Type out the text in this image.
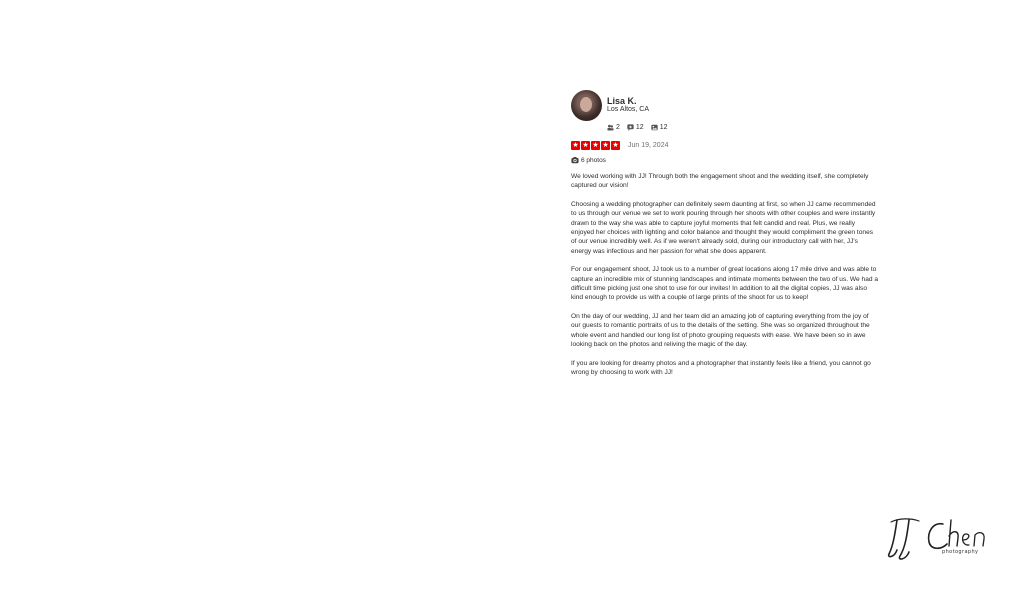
Lisa K.
Los Altos, CA
2 12 12
★ ★ ★ ★ ★ Jun 19, 2024
6 photos

We loved working with JJ! Through both the engagement shoot and the wedding itself, she completely captured our vision!

Choosing a wedding photographer can definitely seem daunting at first, so when JJ came recommended to us through our venue we set to work pouring through her shoots with other couples and were instantly drawn to the way she was able to capture joyful moments that felt candid and real. Plus, we really enjoyed her choices with lighting and color balance and thought they would compliment the green tones of our venue incredibly well. As if we weren't already sold, during our introductory call with her, JJ's energy was infectious and her passion for what she does apparent.

For our engagement shoot, JJ took us to a number of great locations along 17 mile drive and was able to capture an incredible mix of stunning landscapes and intimate moments between the two of us. We had a difficult time picking just one shot to use for our invites! In addition to all the digital copies, JJ was also kind enough to provide us with a couple of large prints of the shoot for us to keep!

On the day of our wedding, JJ and her team did an amazing job of capturing everything from the joy of our guests to romantic portraits of us to the details of the setting. She was so organized throughout the whole event and handled our long list of photo grouping requests with ease. We have been so in awe looking back on the photos and reliving the magic of the day.

If you are looking for dreamy photos and a photographer that instantly feels like a friend, you cannot go wrong by choosing to work with JJ!

photography
